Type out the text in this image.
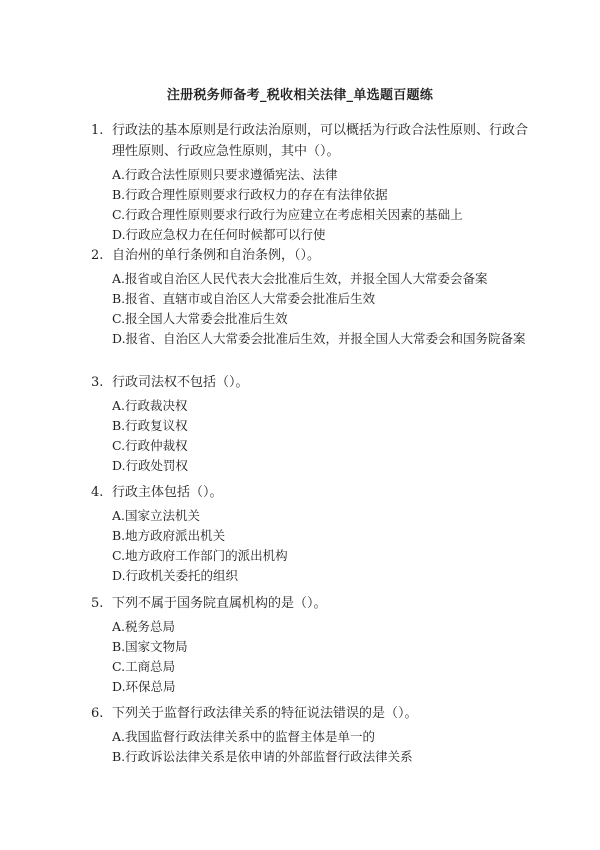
注册税务师备考_税收相关法律_单选题百题练
1. 行政法的基本原则是行政法治原则，可以概括为行政合法性原则、行政合理性原则、行政应急性原则，其中（）。
A.行政合法性原则只要求遵循宪法、法律
B.行政合理性原则要求行政权力的存在有法律依据
C.行政合理性原则要求行政行为应建立在考虑相关因素的基础上
D.行政应急权力在任何时候都可以行使
2. 自治州的单行条例和自治条例，（）。
A.报省或自治区人民代表大会批准后生效，并报全国人大常委会备案
B.报省、直辖市或自治区人大常委会批准后生效
C.报全国人大常委会批准后生效
D.报省、自治区人大常委会批准后生效，并报全国人大常委会和国务院备案
3. 行政司法权不包括（）。
A.行政裁决权
B.行政复议权
C.行政仲裁权
D.行政处罚权
4. 行政主体包括（）。
A.国家立法机关
B.地方政府派出机关
C.地方政府工作部门的派出机构
D.行政机关委托的组织
5. 下列不属于国务院直属机构的是（）。
A.税务总局
B.国家文物局
C.工商总局
D.环保总局
6. 下列关于监督行政法律关系的特征说法错误的是（）。
A.我国监督行政法律关系中的监督主体是单一的
B.行政诉讼法律关系是依申请的外部监督行政法律关系
